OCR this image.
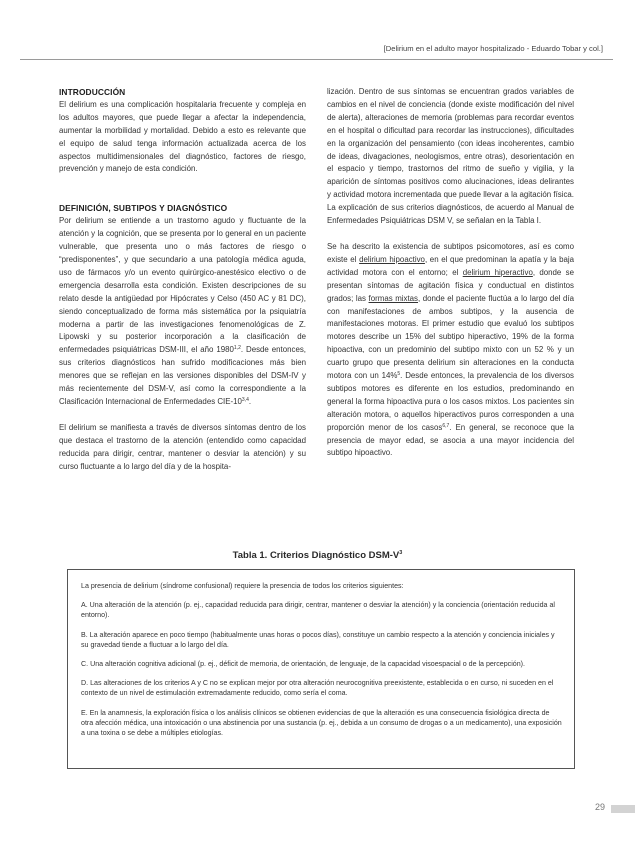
[Delirium en el adulto mayor hospitalizado - Eduardo Tobar y col.]
INTRODUCCIÓN

El delirium es una complicación hospitalaria frecuente y compleja en los adultos mayores, que puede llegar a afectar la independencia, aumentar la morbilidad y mortalidad. Debido a esto es relevante que el equipo de salud tenga información actualizada acerca de los aspectos multidimensionales del diagnóstico, factores de riesgo, prevención y manejo de esta condición.

DEFINICIÓN, SUBTIPOS Y DIAGNÓSTICO

Por delirium se entiende a un trastorno agudo y fluctuante de la atención y la cognición, que se presenta por lo general en un paciente vulnerable, que presenta uno o más factores de riesgo o “predisponentes”, y que secundario a una patología médica aguda, uso de fármacos y/o un evento quirúrgico-anestésico electivo o de emergencia desarrolla esta condición. Existen descripciones de su relato desde la antigüedad por Hipócrates y Celso (450 AC y 81 DC), siendo conceptualizado de forma más sistemática por la psiquiatría moderna a partir de las investigaciones fenomenológicas de Z. Lipowski y su posterior incorporación a la clasificación de enfermedades psiquiátricas DSM-III, el año 1980$^{1,2}$. Desde entonces, sus criterios diagnósticos han sufrido modificaciones más bien menores que se reflejan en las versiones disponibles del DSM-IV y más recientemente del DSM-V, así como la correspondiente a la Clasificación Internacional de Enfermedades CIE-10$^{3,4}$.

El delirium se manifiesta a través de diversos síntomas dentro de los que destaca el trastorno de la atención (entendido como capacidad reducida para dirigir, centrar, mantener o desviar la atención) y su curso fluctuante a lo largo del día y de la hospita-

lización. Dentro de sus síntomas se encuentran grados variables de cambios en el nivel de conciencia (donde existe modificación del nivel de alerta), alteraciones de memoria (problemas para recordar eventos en el hospital o dificultad para recordar las instrucciones), dificultades en la organización del pensamiento (con ideas incoherentes, cambio de ideas, divagaciones, neologismos, entre otras), desorientación en el espacio y tiempo, trastornos del ritmo de sueño y vigilia, y la aparición de síntomas positivos como alucinaciones, ideas delirantes y actividad motora incrementada que puede llevar a la agitación física. La explicación de sus criterios diagnósticos, de acuerdo al Manual de Enfermedades Psiquiátricas DSM V, se señalan en la Tabla I.

Se ha descrito la existencia de subtipos psicomotores, así es como existe el delirium hipoactivo, en el que predominan la apatía y la baja actividad motora con el entorno; el delirium hiperactivo, donde se presentan síntomas de agitación física y conductual en distintos grados; las formas mixtas, donde el paciente fluctúa a lo largo del día con manifestaciones de ambos subtipos, y la ausencia de manifestaciones motoras. El primer estudio que evaluó los subtipos motores describe un 15% del subtipo hiperactivo, 19% de la forma hipoactiva, con un predominio del subtipo mixto con un 52 % y un cuarto grupo que presenta delirium sin alteraciones en la conducta motora con un 14%$^5$. Desde entonces, la prevalencia de los diversos subtipos motores es diferente en los estudios, predominando en general la forma hipoactiva pura o los casos mixtos. Los pacientes sin alteración motora, o aquellos hiperactivos puros corresponden a una proporción menor de los casos$^{6,7}$. En general, se reconoce que la presencia de mayor edad, se asocia a una mayor incidencia del subtipo hipoactivo.

Tabla 1. Criterios Diagnóstico DSM-$V^3$

La presencia de delirium (síndrome confusional) requiere la presencia de todos los criterios siguientes:

A. Una alteración de la atención (p. ej., capacidad reducida para dirigir, centrar, mantener o desviar la atención) y la conciencia (orientación reducida al entorno).

B. La alteración aparece en poco tiempo (habitualmente unas horas o pocos días), constituye un cambio respecto a la atención y conciencia iniciales y su gravedad tiende a fluctuar a lo largo del día.

C. Una alteración cognitiva adicional (p. ej., déficit de memoria, de orientación, de lenguaje, de la capacidad visoespacial o de la percepción).

D. Las alteraciones de los criterios A y C no se explican mejor por otra alteración neurocognitiva preexistente, establecida o en curso, ni suceden en el contexto de un nivel de estimulación extremadamente reducido, como sería el coma.

E. En la anamnesis, la exploración física o los análisis clínicos se obtienen evidencias de que la alteración es una consecuencia fisiológica directa de otra afección médica, una intoxicación o una abstinencia por una sustancia (p. ej., debida a un consumo de drogas o a un medicamento), una exposición a una toxina o se debe a múltiples etiologías.

29
